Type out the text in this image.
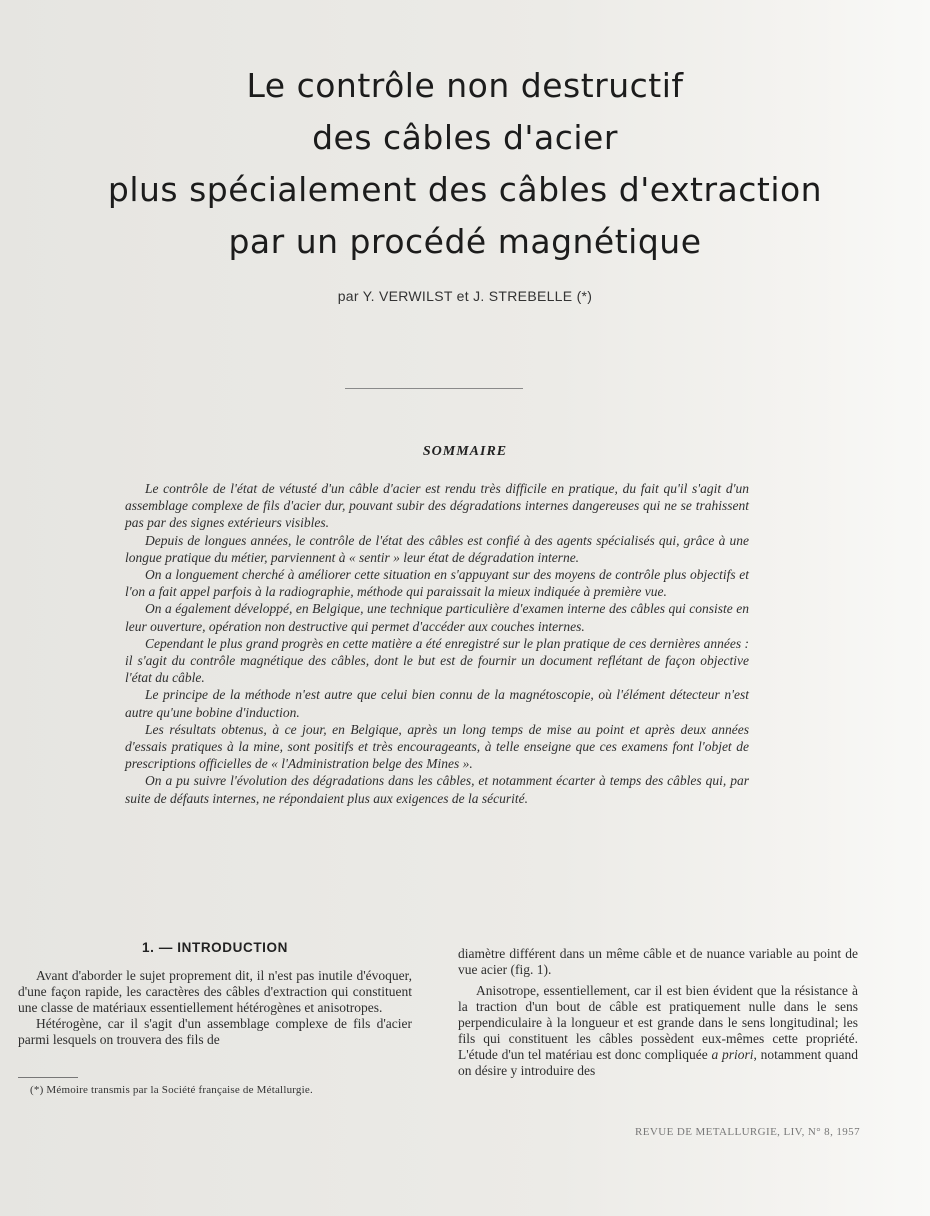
Le contrôle non destructif
des câbles d'acier
plus spécialement des câbles d'extraction
par un procédé magnétique
par Y. VERWILST et J. STREBELLE (*)
SOMMAIRE

Le contrôle de l'état de vétusté d'un câble d'acier est rendu très difficile en pratique, du fait qu'il s'agit d'un assemblage complexe de fils d'acier dur, pouvant subir des dégradations internes dangereuses qui ne se trahissent pas par des signes extérieurs visibles.

Depuis de longues années, le contrôle de l'état des câbles est confié à des agents spécialisés qui, grâce à une longue pratique du métier, parviennent à « sentir » leur état de dégradation interne.

On a longuement cherché à améliorer cette situation en s'appuyant sur des moyens de contrôle plus objectifs et l'on a fait appel parfois à la radiographie, méthode qui paraissait la mieux indiquée à première vue.

On a également développé, en Belgique, une technique particulière d'examen interne des câbles qui consiste en leur ouverture, opération non destructive qui permet d'accéder aux couches internes.

Cependant le plus grand progrès en cette matière a été enregistré sur le plan pratique de ces dernières années : il s'agit du contrôle magnétique des câbles, dont le but est de fournir un document reflétant de façon objective l'état du câble.

Le principe de la méthode n'est autre que celui bien connu de la magnétoscopie, où l'élément détecteur n'est autre qu'une bobine d'induction.

Les résultats obtenus, à ce jour, en Belgique, après un long temps de mise au point et après deux années d'essais pratiques à la mine, sont positifs et très encourageants, à telle enseigne que ces examens font l'objet de prescriptions officielles de « l'Administration belge des Mines ».

On a pu suivre l'évolution des dégradations dans les câbles, et notamment écarter à temps des câbles qui, par suite de défauts internes, ne répondaient plus aux exigences de la sécurité.

1. — INTRODUCTION

Avant d'aborder le sujet proprement dit, il n'est pas inutile d'évoquer, d'une façon rapide, les caractères des câbles d'extraction qui constituent une classe de matériaux essentiellement hétérogènes et anisotropes.

Hétérogène, car il s'agit d'un assemblage complexe de fils d'acier parmi lesquels on trouvera des fils de

(*) Mémoire transmis par la Société française de Métallurgie.

diamètre différent dans un même câble et de nuance variable au point de vue acier (fig. 1).

Anisotrope, essentiellement, car il est bien évident que la résistance à la traction d'un bout de câble est pratiquement nulle dans le sens perpendiculaire à la longueur et est grande dans le sens longitudinal; les fils qui constituent les câbles possèdent eux-mêmes cette propriété. L'étude d'un tel matériau est donc compliquée a priori, notamment quand on désire y introduire des

REVUE DE METALLURGIE, LIV, N° 8, 1957
